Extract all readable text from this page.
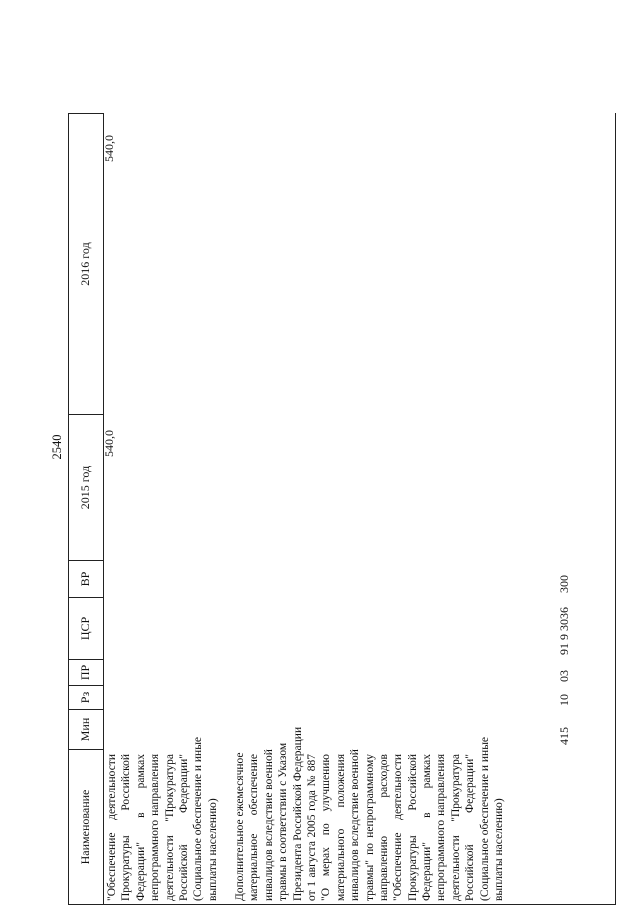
2540
Наименование
Мин
Рз
ПР
ЦСР
ВР
2015 год
2016 год
"Обеспечение деятельности Прокуратуры Российской Федерации" в рамках непрограммного направления деятельности "Прокуратура Российской Федерации" (Социальное обеспечение и иные выплаты населению)
540,0
540,0
Дополнительное ежемесячное материальное обеспечение инвалидов вследствие военной травмы в соответствии с Указом Президента Российской Федерации от 1 августа 2005 года № 887 "О мерах по улучшению материального положения инвалидов вследствие военной травмы" по непрограммному направлению расходов "Обеспечение деятельности Прокуратуры Российской Федерации" в рамках непрограммного направления деятельности "Прокуратура Российской Федерации" (Социальное обеспечение и иные выплаты населению)
415
10
03
91 9 3036
300
